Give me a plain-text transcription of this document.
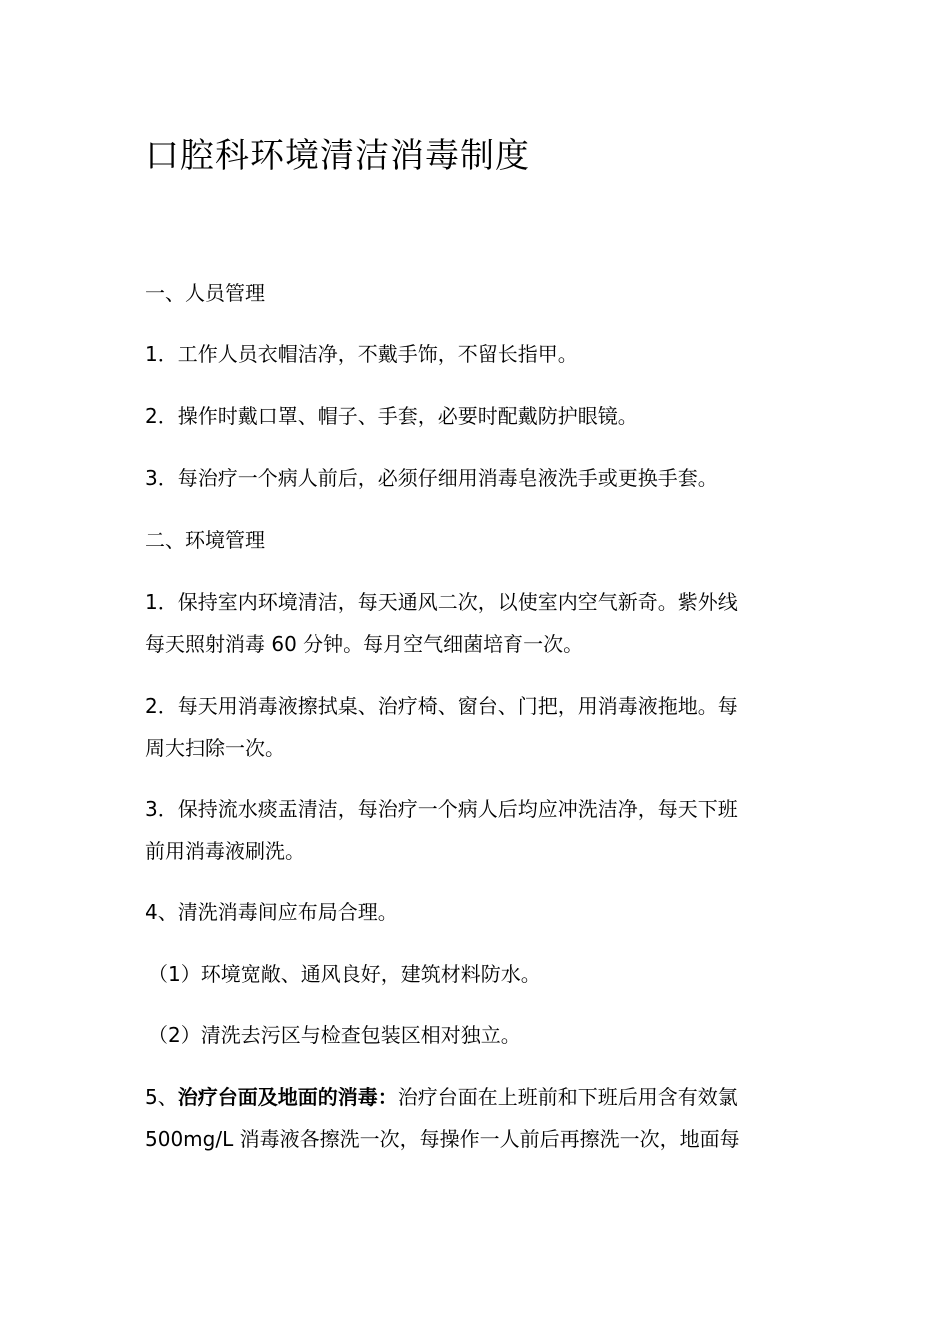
口腔科环境清洁消毒制度

一、人员管理

1．工作人员衣帽洁净，不戴手饰，不留长指甲。

2．操作时戴口罩、帽子、手套，必要时配戴防护眼镜。

3．每治疗一个病人前后，必须仔细用消毒皂液洗手或更换手套。

二、环境管理

1．保持室内环境清洁，每天通风二次，以使室内空气新奇。紫外线
每天照射消毒 60 分钟。每月空气细菌培育一次。
2．每天用消毒液擦拭桌、治疗椅、窗台、门把，用消毒液拖地。每
周大扫除一次。
3．保持流水痰盂清洁，每治疗一个病人后均应冲洗洁净，每天下班
前用消毒液刷洗。

4、清洗消毒间应布局合理。

（1）环境宽敞、通风良好，建筑材料防水。

（2）清洗去污区与检查包装区相对独立。

5、治疗台面及地面的消毒：治疗台面在上班前和下班后用含有效氯
500mg/L 消毒液各擦洗一次，每操作一人前后再擦洗一次，地面每
